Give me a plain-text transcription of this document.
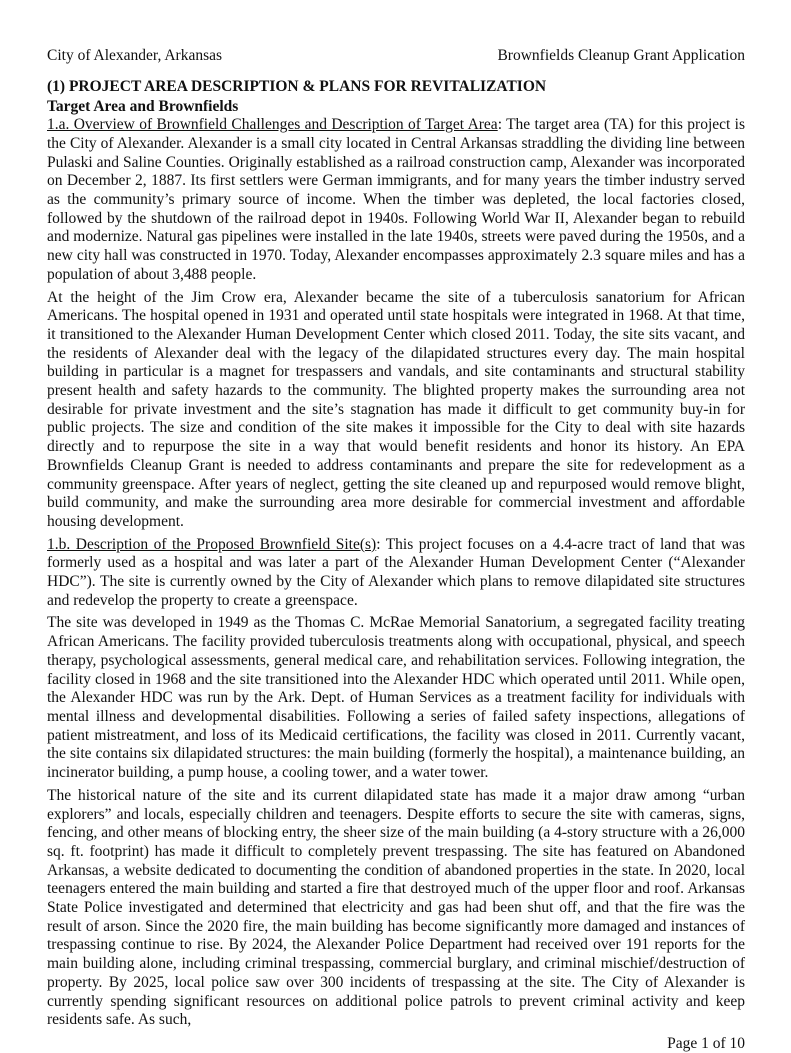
City of Alexander, Arkansas	Brownfields Cleanup Grant Application
(1) PROJECT AREA DESCRIPTION & PLANS FOR REVITALIZATION
Target Area and Brownfields

1.a. Overview of Brownfield Challenges and Description of Target Area: The target area (TA) for this project is the City of Alexander. Alexander is a small city located in Central Arkansas straddling the dividing line between Pulaski and Saline Counties. Originally established as a railroad construction camp, Alexander was incorporated on December 2, 1887. Its first settlers were German immigrants, and for many years the timber industry served as the community’s primary source of income. When the timber was depleted, the local factories closed, followed by the shutdown of the railroad depot in 1940s. Following World War II, Alexander began to rebuild and modernize. Natural gas pipelines were installed in the late 1940s, streets were paved during the 1950s, and a new city hall was constructed in 1970. Today, Alexander encompasses approximately 2.3 square miles and has a population of about 3,488 people.

At the height of the Jim Crow era, Alexander became the site of a tuberculosis sanatorium for African Americans. The hospital opened in 1931 and operated until state hospitals were integrated in 1968. At that time, it transitioned to the Alexander Human Development Center which closed 2011. Today, the site sits vacant, and the residents of Alexander deal with the legacy of the dilapidated structures every day. The main hospital building in particular is a magnet for trespassers and vandals, and site contaminants and structural stability present health and safety hazards to the community. The blighted property makes the surrounding area not desirable for private investment and the site’s stagnation has made it difficult to get community buy-in for public projects. The size and condition of the site makes it impossible for the City to deal with site hazards directly and to repurpose the site in a way that would benefit residents and honor its history. An EPA Brownfields Cleanup Grant is needed to address contaminants and prepare the site for redevelopment as a community greenspace. After years of neglect, getting the site cleaned up and repurposed would remove blight, build community, and make the surrounding area more desirable for commercial investment and affordable housing development.

1.b. Description of the Proposed Brownfield Site(s): This project focuses on a 4.4-acre tract of land that was formerly used as a hospital and was later a part of the Alexander Human Development Center (“Alexander HDC”). The site is currently owned by the City of Alexander which plans to remove dilapidated site structures and redevelop the property to create a greenspace.

The site was developed in 1949 as the Thomas C. McRae Memorial Sanatorium, a segregated facility treating African Americans. The facility provided tuberculosis treatments along with occupational, physical, and speech therapy, psychological assessments, general medical care, and rehabilitation services. Following integration, the facility closed in 1968 and the site transitioned into the Alexander HDC which operated until 2011. While open, the Alexander HDC was run by the Ark. Dept. of Human Services as a treatment facility for individuals with mental illness and developmental disabilities. Following a series of failed safety inspections, allegations of patient mistreatment, and loss of its Medicaid certifications, the facility was closed in 2011. Currently vacant, the site contains six dilapidated structures: the main building (formerly the hospital), a maintenance building, an incinerator building, a pump house, a cooling tower, and a water tower.

The historical nature of the site and its current dilapidated state has made it a major draw among “urban explorers” and locals, especially children and teenagers. Despite efforts to secure the site with cameras, signs, fencing, and other means of blocking entry, the sheer size of the main building (a 4-story structure with a 26,000 sq. ft. footprint) has made it difficult to completely prevent trespassing. The site has featured on Abandoned Arkansas, a website dedicated to documenting the condition of abandoned properties in the state. In 2020, local teenagers entered the main building and started a fire that destroyed much of the upper floor and roof. Arkansas State Police investigated and determined that electricity and gas had been shut off, and that the fire was the result of arson. Since the 2020 fire, the main building has become significantly more damaged and instances of trespassing continue to rise. By 2024, the Alexander Police Department had received over 191 reports for the main building alone, including criminal trespassing, commercial burglary, and criminal mischief/destruction of property. By 2025, local police saw over 300 incidents of trespassing at the site. The City of Alexander is currently spending significant resources on additional police patrols to prevent criminal activity and keep residents safe. As such,

Page 1 of 10
